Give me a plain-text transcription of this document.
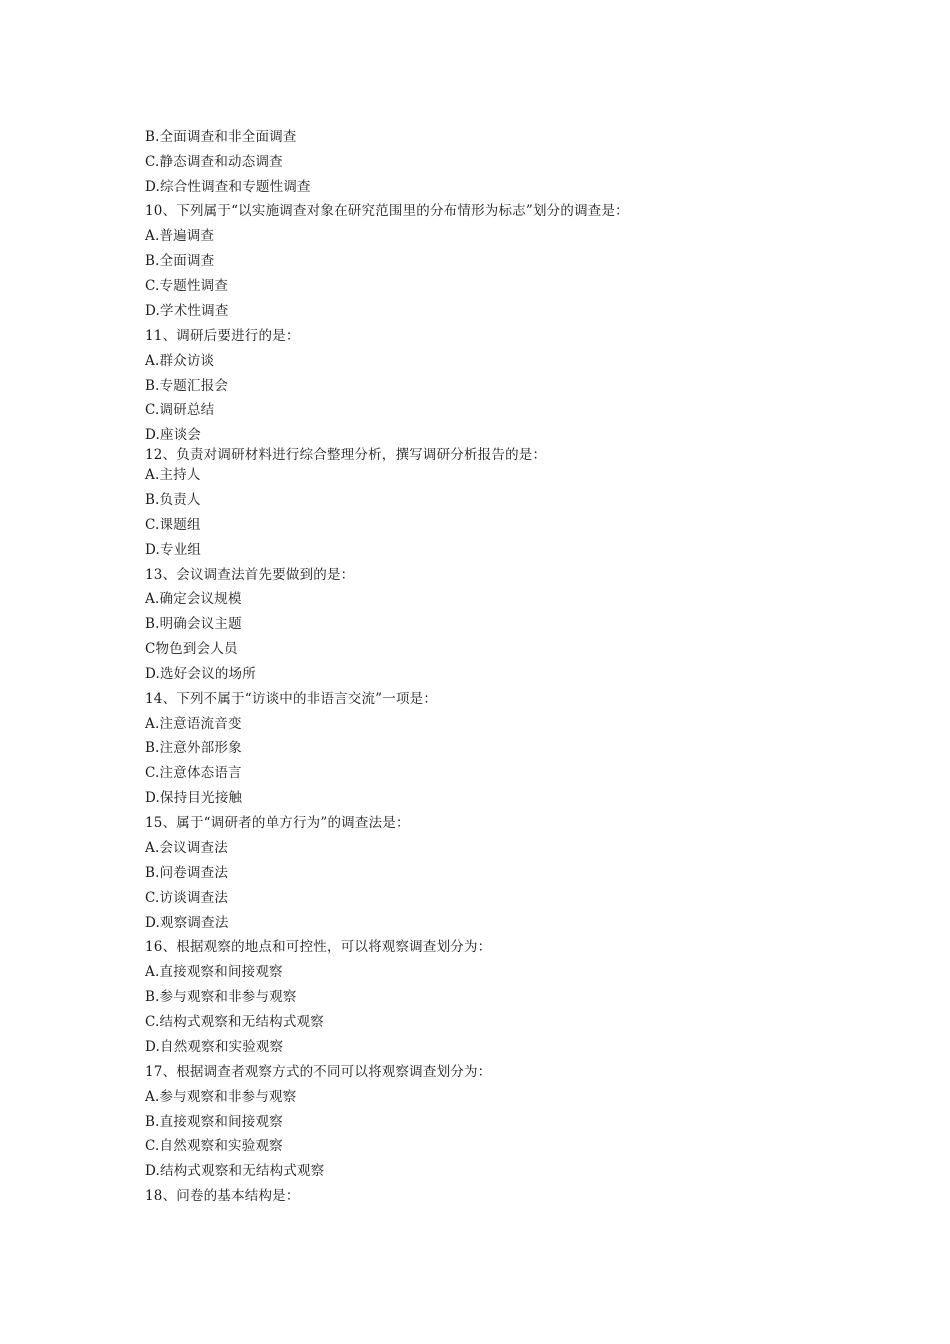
B.全面调查和非全面调查
C.静态调查和动态调查
D.综合性调查和专题性调查
10、下列属于“以实施调查对象在研究范围里的分布情形为标志”划分的调查是：
A.普遍调查
B.全面调查
C.专题性调查
D.学术性调查
11、调研后要进行的是：
A.群众访谈
B.专题汇报会
C.调研总结
D.座谈会
12、负责对调研材料进行综合整理分析，撰写调研分析报告的是：
A.主持人
B.负责人
C.课题组
D.专业组
13、会议调查法首先要做到的是：
A.确定会议规模
B.明确会议主题
C物色到会人员
D.选好会议的场所
14、下列不属于“访谈中的非语言交流”一项是：
A.注意语流音变
B.注意外部形象
C.注意体态语言
D.保持目光接触
15、属于“调研者的单方行为”的调查法是：
A.会议调查法
B.问卷调查法
C.访谈调查法
D.观察调查法
16、根据观察的地点和可控性，可以将观察调查划分为：
A.直接观察和间接观察
B.参与观察和非参与观察
C.结构式观察和无结构式观察
D.自然观察和实验观察
17、根据调查者观察方式的不同可以将观察调查划分为：
A.参与观察和非参与观察
B.直接观察和间接观察
C.自然观察和实验观察
D.结构式观察和无结构式观察
18、问卷的基本结构是：
